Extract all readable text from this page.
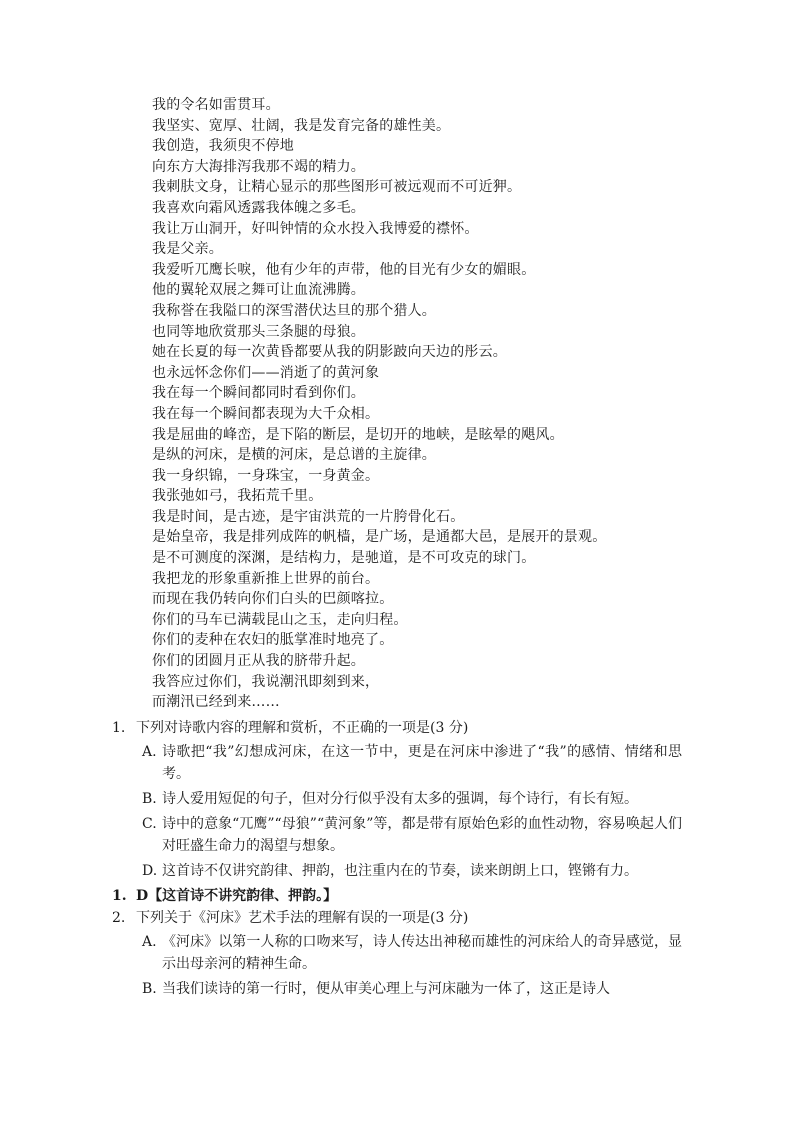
我的令名如雷贯耳。
我坚实、宽厚、壮阔，我是发育完备的雄性美。
我创造，我须臾不停地
向东方大海排泻我那不竭的精力。
我刺肤文身，让精心显示的那些图形可被远观而不可近狎。
我喜欢向霜风透露我体魄之多毛。
我让万山洞开，好叫钟情的众水投入我博爱的襟怀。
我是父亲。
我爱听兀鹰长唳，他有少年的声带，他的目光有少女的媚眼。
他的翼轮双展之舞可让血流沸腾。
我称誉在我隘口的深雪潜伏达旦的那个猎人。
也同等地欣赏那头三条腿的母狼。
她在长夏的每一次黄昏都要从我的阴影跛向天边的彤云。
也永远怀念你们——消逝了的黄河象
我在每一个瞬间都同时看到你们。
我在每一个瞬间都表现为大千众相。
我是屈曲的峰峦，是下陷的断层，是切开的地峡，是眩晕的飓风。
是纵的河床，是横的河床，是总谱的主旋律。
我一身织锦，一身珠宝，一身黄金。
我张弛如弓，我拓荒千里。
我是时间，是古迹，是宇宙洪荒的一片胯骨化石。
是始皇帝，我是排列成阵的帆樯，是广场，是通都大邑，是展开的景观。
是不可测度的深渊，是结构力，是驰道，是不可攻克的球门。
我把龙的形象重新推上世界的前台。
而现在我仍转向你们白头的巴颜喀拉。
你们的马车已满载昆山之玉，走向归程。
你们的麦种在农妇的胝掌准时地亮了。
你们的团圆月正从我的脐带升起。
我答应过你们，我说潮汛即刻到来，
而潮汛已经到来……
1. 下列对诗歌内容的理解和赏析，不正确的一项是(3 分)
A. 诗歌把“我”幻想成河床，在这一节中，更是在河床中渗进了“我”的感情、情绪和思考。
B. 诗人爱用短促的句子，但对分行似乎没有太多的强调，每个诗行，有长有短。
C. 诗中的意象“兀鹰”“母狼”“黄河象”等，都是带有原始色彩的血性动物，容易唤起人们对旺盛生命力的渴望与想象。
D. 这首诗不仅讲究韵律、押韵，也注重内在的节奏，读来朗朗上口，铿锵有力。
1. D【这首诗不讲究韵律、押韵。】
2. 下列关于《河床》艺术手法的理解有误的一项是(3 分)
A. 《河床》以第一人称的口吻来写，诗人传达出神秘而雄性的河床给人的奇异感觉，显示出母亲河的精神生命。
B. 当我们读诗的第一行时，便从审美心理上与河床融为一体了，这正是诗人
